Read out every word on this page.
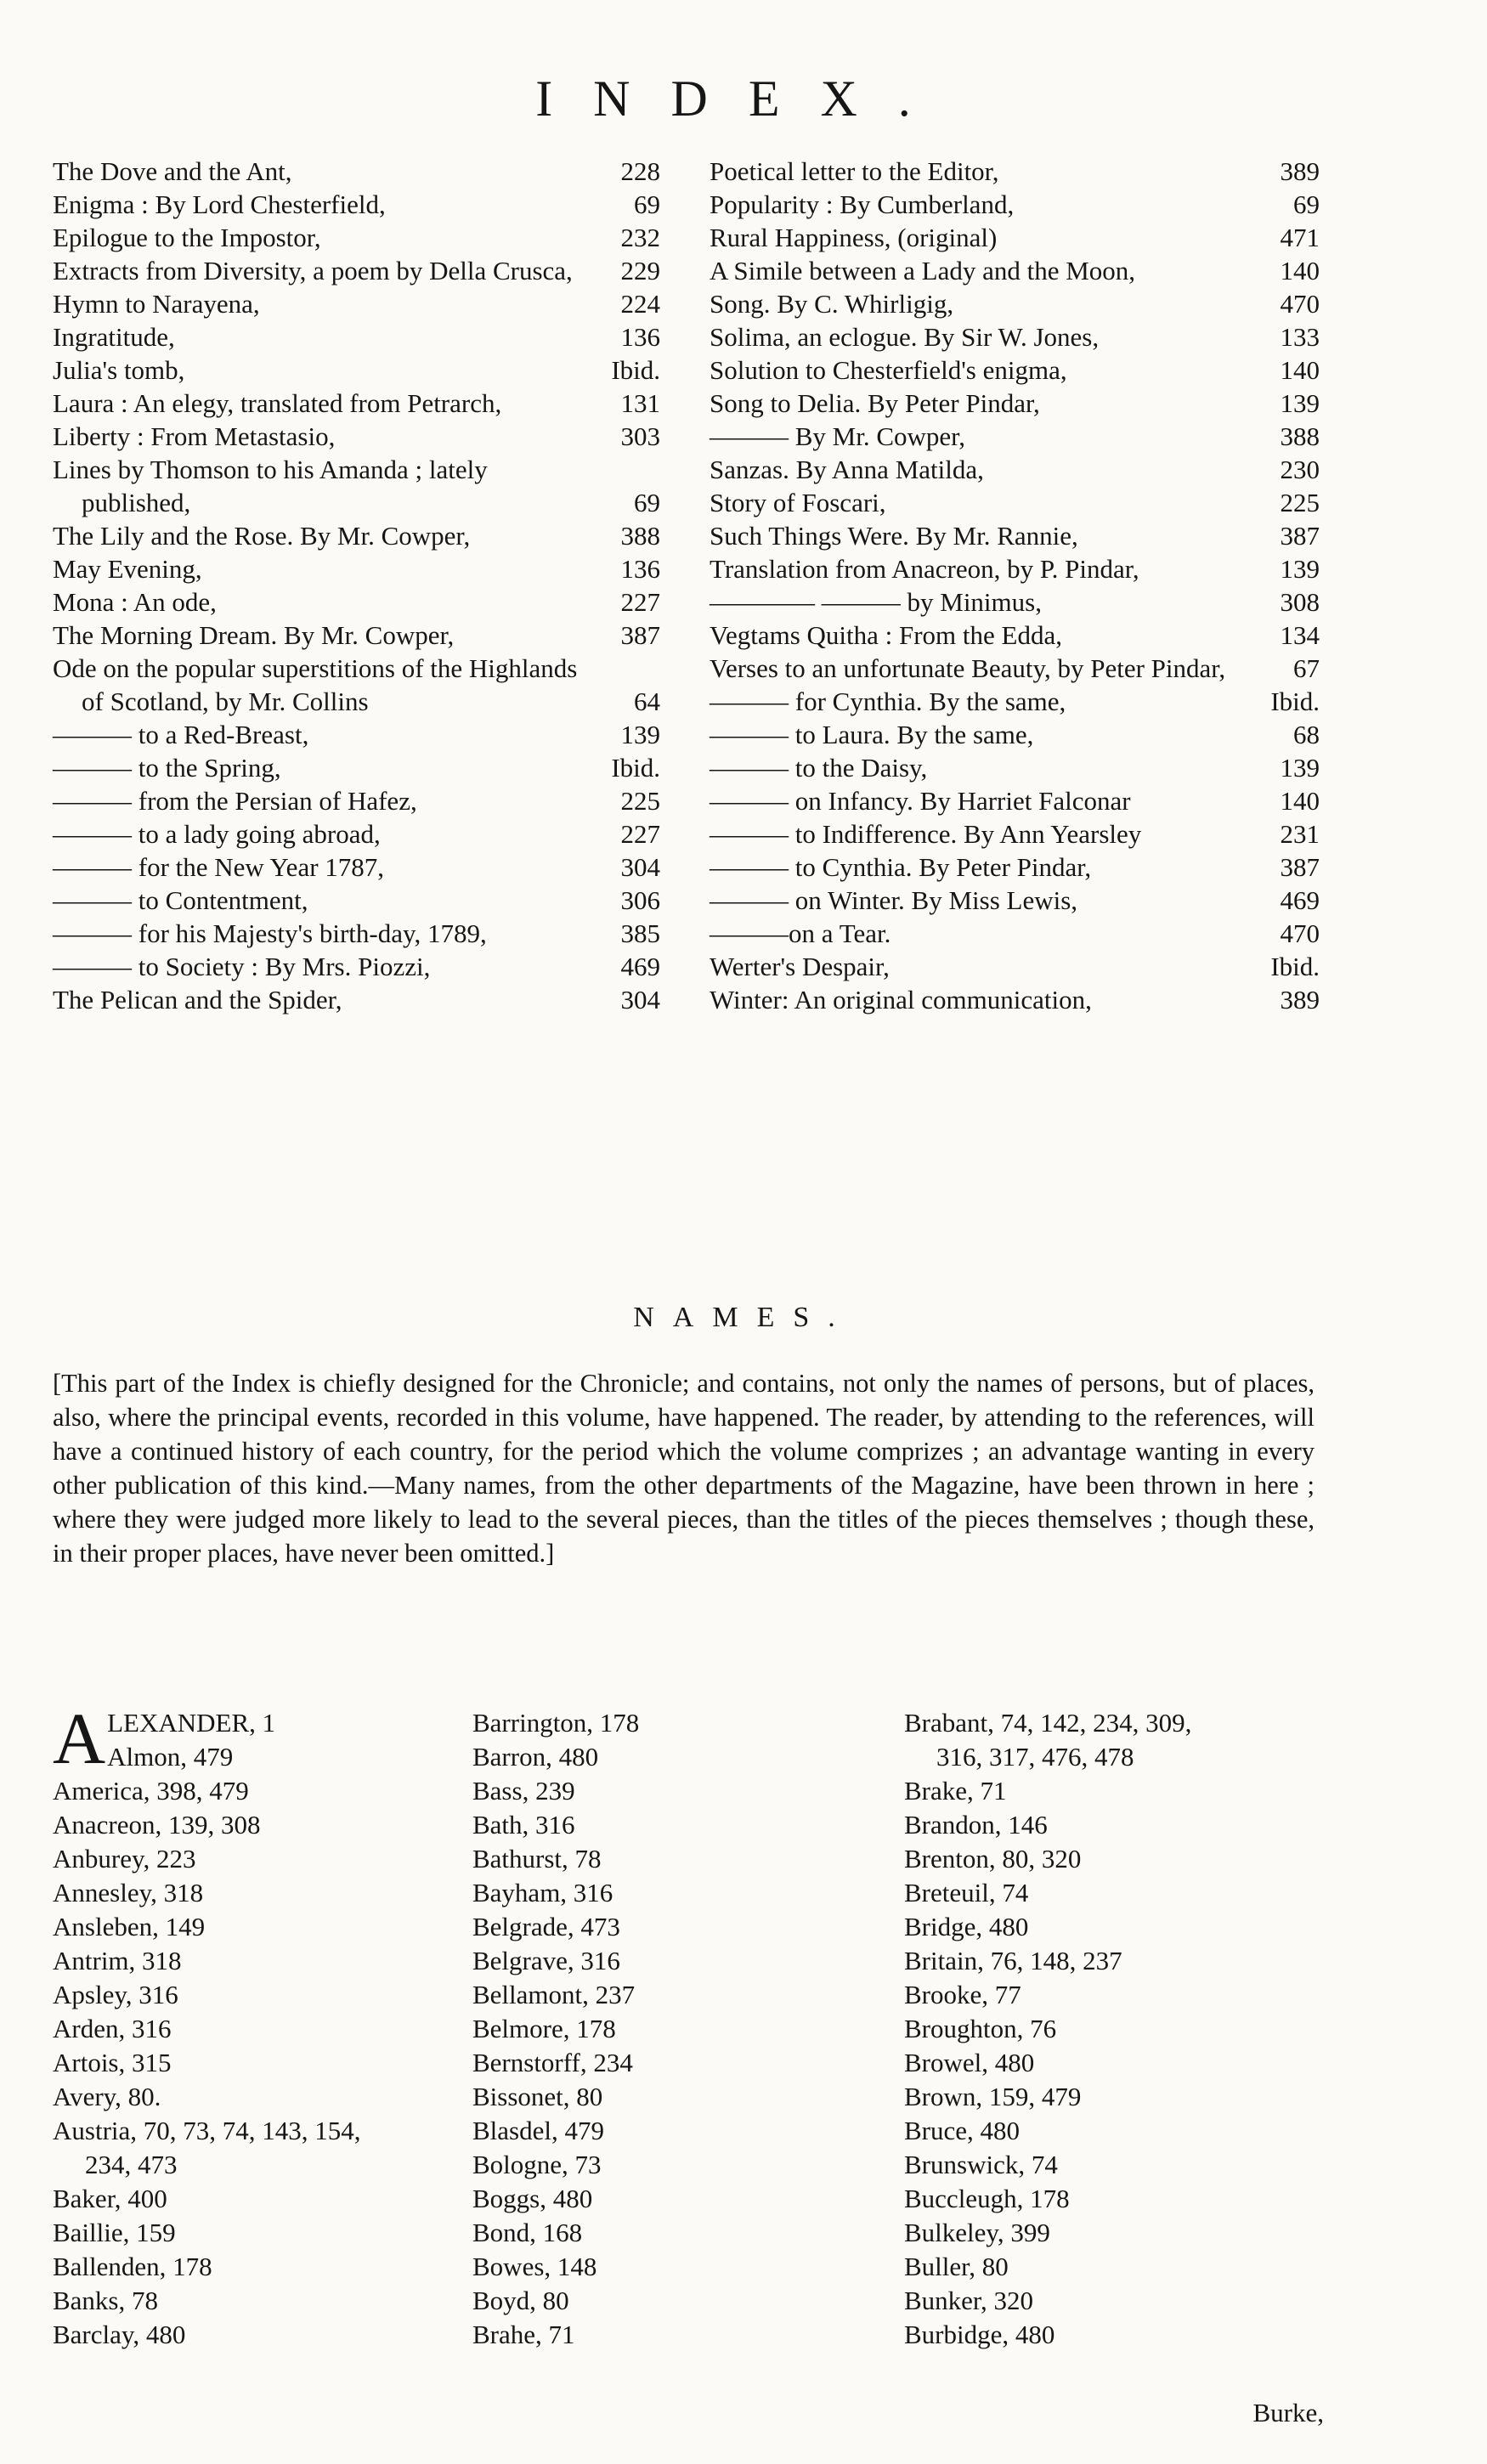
INDEX.
The Dove and the Ant,	228
Enigma : By Lord Chesterfield,	69
Epilogue to the Impostor,	232
Extracts from Diversity, a poem by Della Crusca,	229
Hymn to Narayena,	224
Ingratitude,	136
Julia's tomb,	Ibid.
Laura : An elegy, translated from Petrarch,	131
Liberty : From Metastasio,	303
Lines by Thomson to his Amanda ; lately published,	69
The Lily and the Rose. By Mr. Cowper,	388
May Evening,	136
Mona : An ode,	227
The Morning Dream. By Mr. Cowper,	387
Ode on the popular superstitions of the Highlands of Scotland, by Mr. Collins	64
——— to a Red-Breast,	139
——— to the Spring,	Ibid.
——— from the Persian of Hafez,	225
——— to a lady going abroad,	227
——— for the New Year 1787,	304
——— to Contentment,	306
——— for his Majesty's birth-day, 1789,	385
——— to Society : By Mrs. Piozzi,	469
The Pelican and the Spider,	304
Poetical letter to the Editor,	389
Popularity : By Cumberland,	69
Rural Happiness, (original)	471
A Simile between a Lady and the Moon,	140
Song. By C. Whirligig,	470
Solima, an eclogue. By Sir W. Jones,	133
Solution to Chesterfield's enigma,	140
Song to Delia. By Peter Pindar,	139
——— By Mr. Cowper,	388
Sanzas. By Anna Matilda,	230
Story of Foscari,	225
Such Things Were. By Mr. Rannie,	387
Translation from Anacreon, by P. Pindar,	139
———— ——— by Minimus,	308
Vegtams Quitha : From the Edda,	134
Verses to an unfortunate Beauty, by Peter Pindar,	67
——— for Cynthia. By the same,	Ibid.
——— to Laura. By the same,	68
——— to the Daisy,	139
——— on Infancy. By Harriet Falconar	140
——— to Indifference. By Ann Yearsley	231
——— to Cynthia. By Peter Pindar,	387
——— on Winter. By Miss Lewis,	469
———on a Tear.	470
Werter's Despair,	Ibid.
Winter: An original communication,	389
NAMES.
[This part of the Index is chiefly designed for the Chronicle; and contains, not only the names of persons, but of places, also, where the principal events, recorded in this volume, have happened. The reader, by attending to the references, will have a continued history of each country, for the period which the volume comprizes ; an advantage wanting in every other publication of this kind.—Many names, from the other departments of the Magazine, have been thrown in here ; where they were judged more likely to lead to the several pieces, than the titles of the pieces themselves ; though these, in their proper places, have never been omitted.]
ALEXANDER, 1
Almon, 479
America, 398, 479
Anacreon, 139, 308
Anburey, 223
Annesley, 318
Ansleben, 149
Antrim, 318
Apsley, 316
Arden, 316
Artois, 315
Avery, 80.
Austria, 70, 73, 74, 143, 154,
234, 473
Baker, 400
Baillie, 159
Ballenden, 178
Banks, 78
Barclay, 480
Barrington, 178
Barron, 480
Bass, 239
Bath, 316
Bathurst, 78
Bayham, 316
Belgrade, 473
Belgrave, 316
Bellamont, 237
Belmore, 178
Bernstorff, 234
Bissonet, 80
Blasdel, 479
Bologne, 73
Boggs, 480
Bond, 168
Bowes, 148
Boyd, 80
Brahe, 71
Brabant, 74, 142, 234, 309,
316, 317, 476, 478
Brake, 71
Brandon, 146
Brenton, 80, 320
Breteuil, 74
Bridge, 480
Britain, 76, 148, 237
Brooke, 77
Broughton, 76
Browel, 480
Brown, 159, 479
Bruce, 480
Brunswick, 74
Buccleugh, 178
Bulkeley, 399
Buller, 80
Bunker, 320
Burbidge, 480
Burke,
